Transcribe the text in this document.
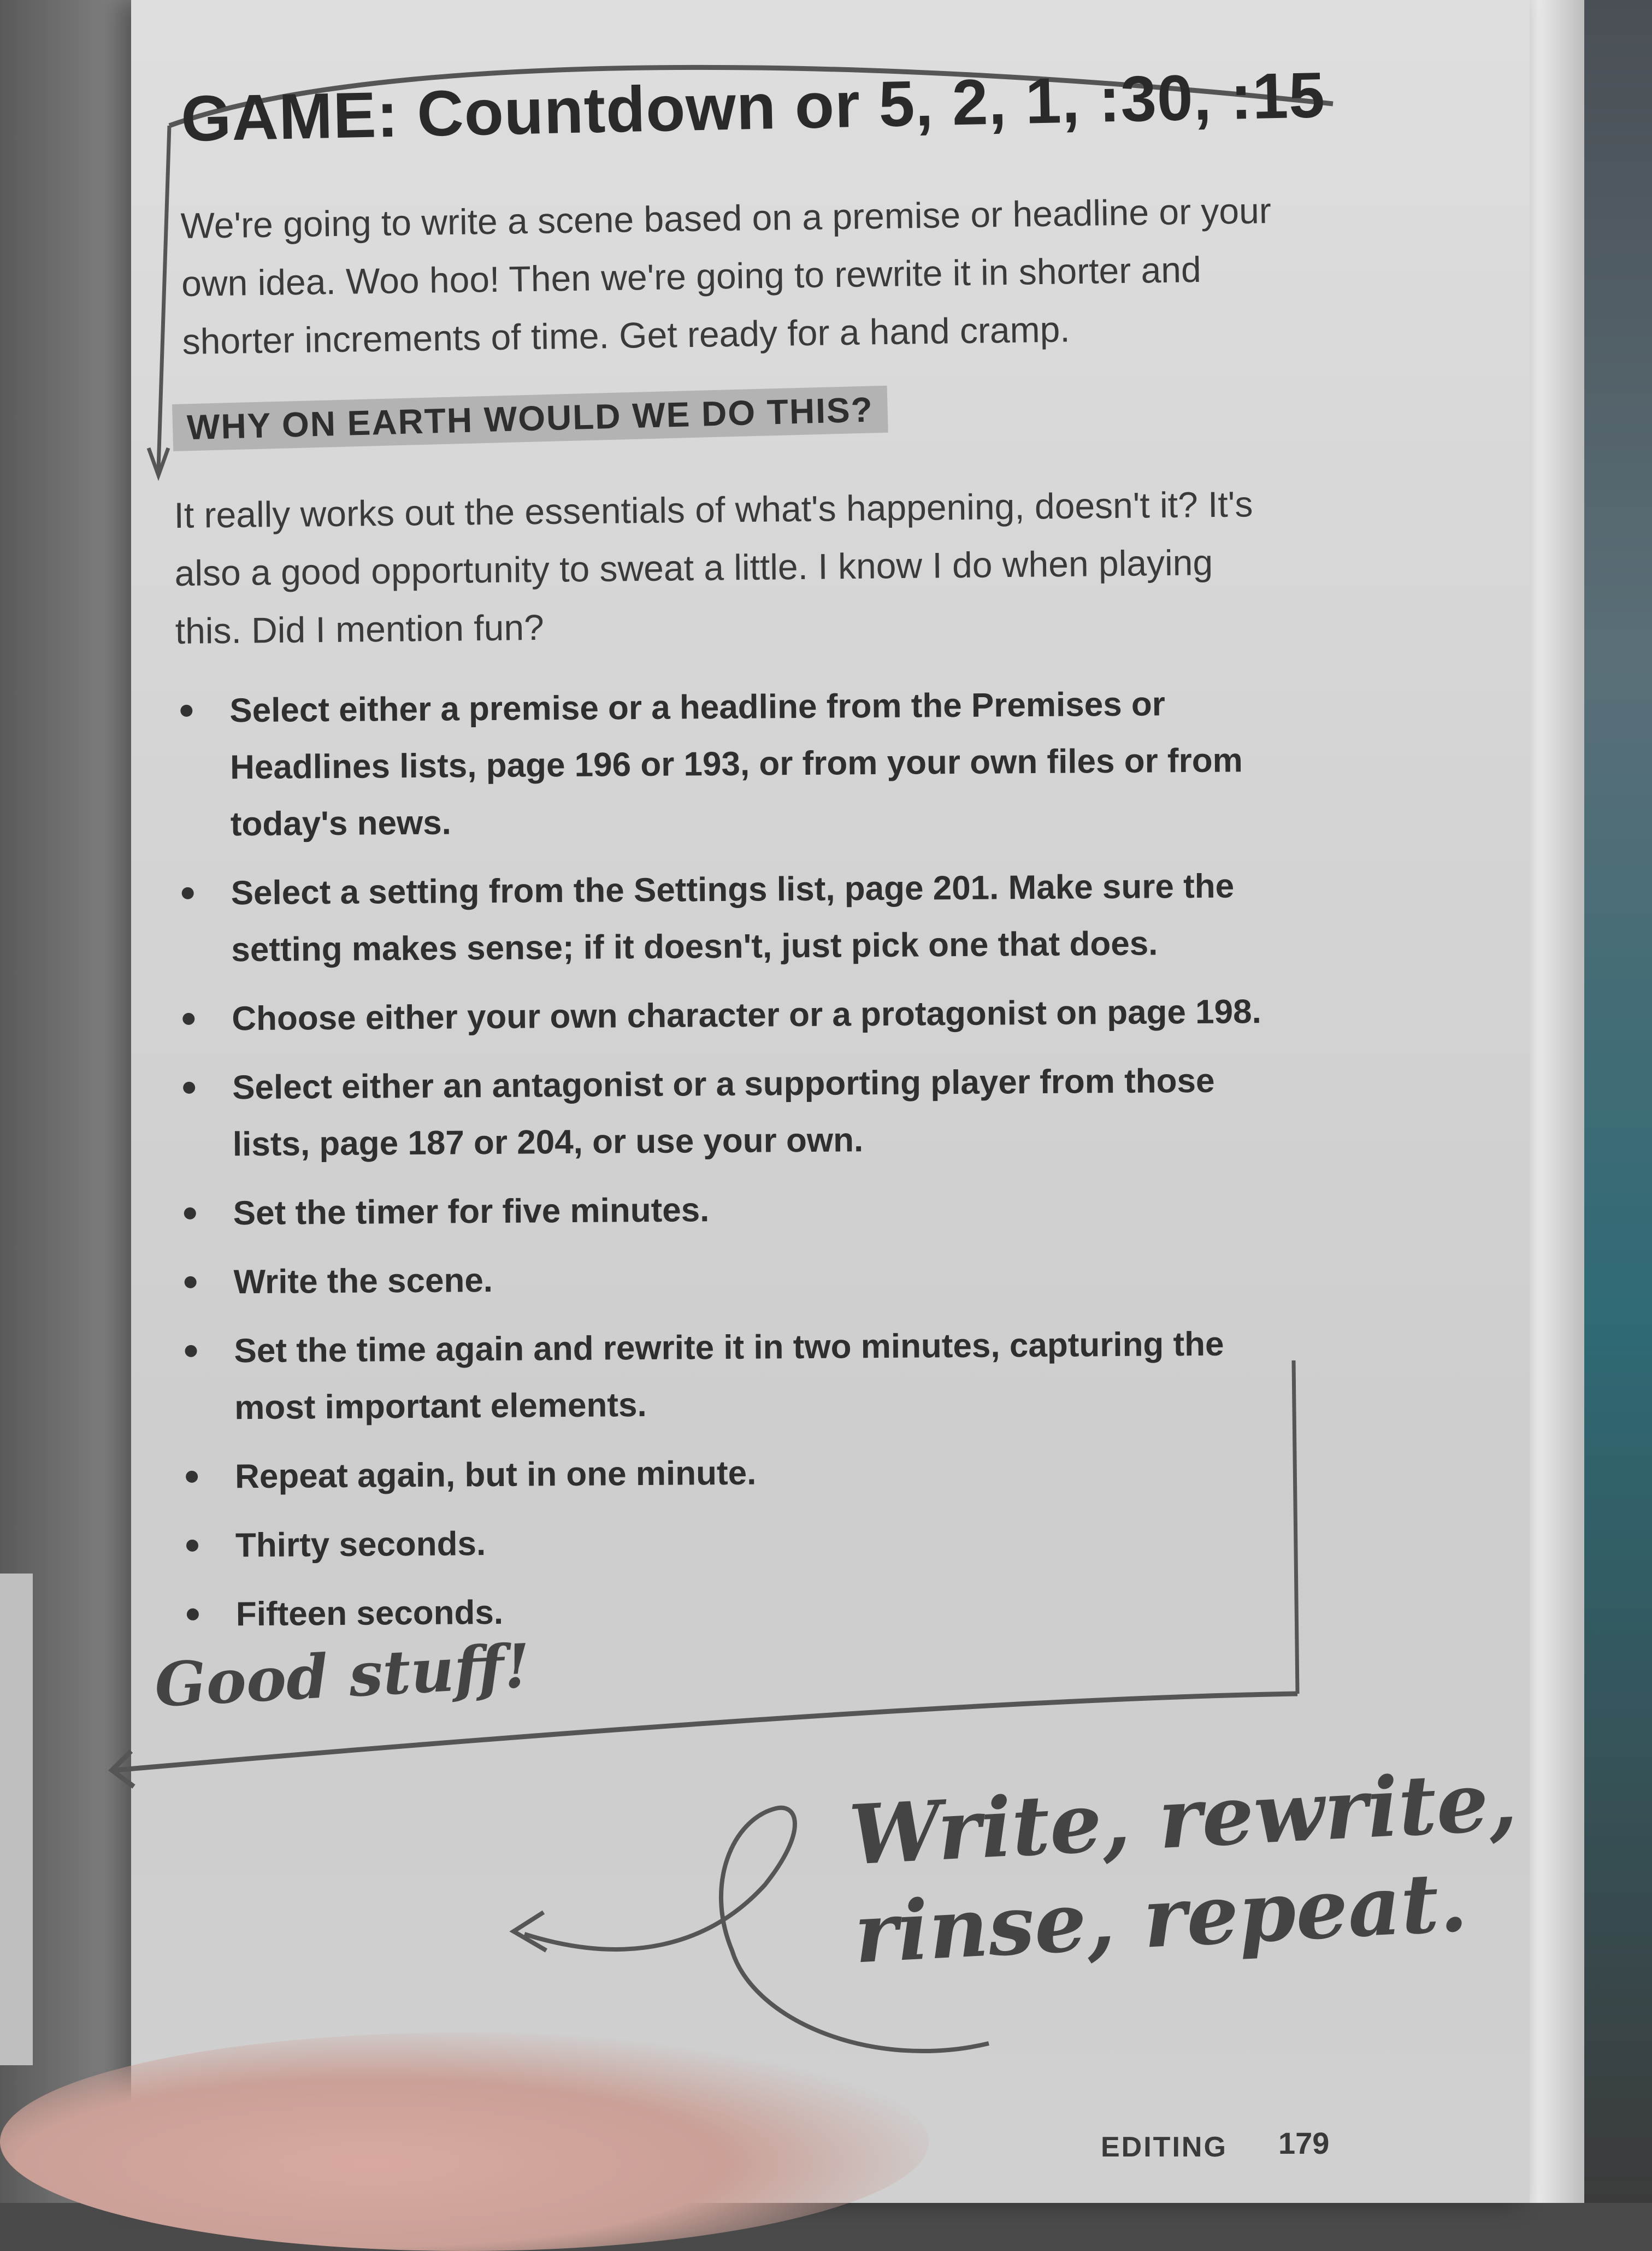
GAME: Countdown or 5, 2, 1, :30, :15
We're going to write a scene based on a premise or headline or your
own idea. Woo hoo! Then we're going to rewrite it in shorter and
shorter increments of time. Get ready for a hand cramp.
WHY ON EARTH WOULD WE DO THIS?
It really works out the essentials of what's happening, doesn't it? It's
also a good opportunity to sweat a little. I know I do when playing
this. Did I mention fun?
Select either a premise or a headline from the Premises or Headlines lists, page 196 or 193, or from your own files or from today's news.
Select a setting from the Settings list, page 201. Make sure the setting makes sense; if it doesn't, just pick one that does.
Choose either your own character or a protagonist on page 198.
Select either an antagonist or a supporting player from those lists, page 187 or 204, or use your own.
Set the timer for five minutes.
Write the scene.
Set the time again and rewrite it in two minutes, capturing the most important elements.
Repeat again, but in one minute.
Thirty seconds.
Fifteen seconds.
Good stuff!
Write, rewrite,
rinse, repeat.
EDITING 179
